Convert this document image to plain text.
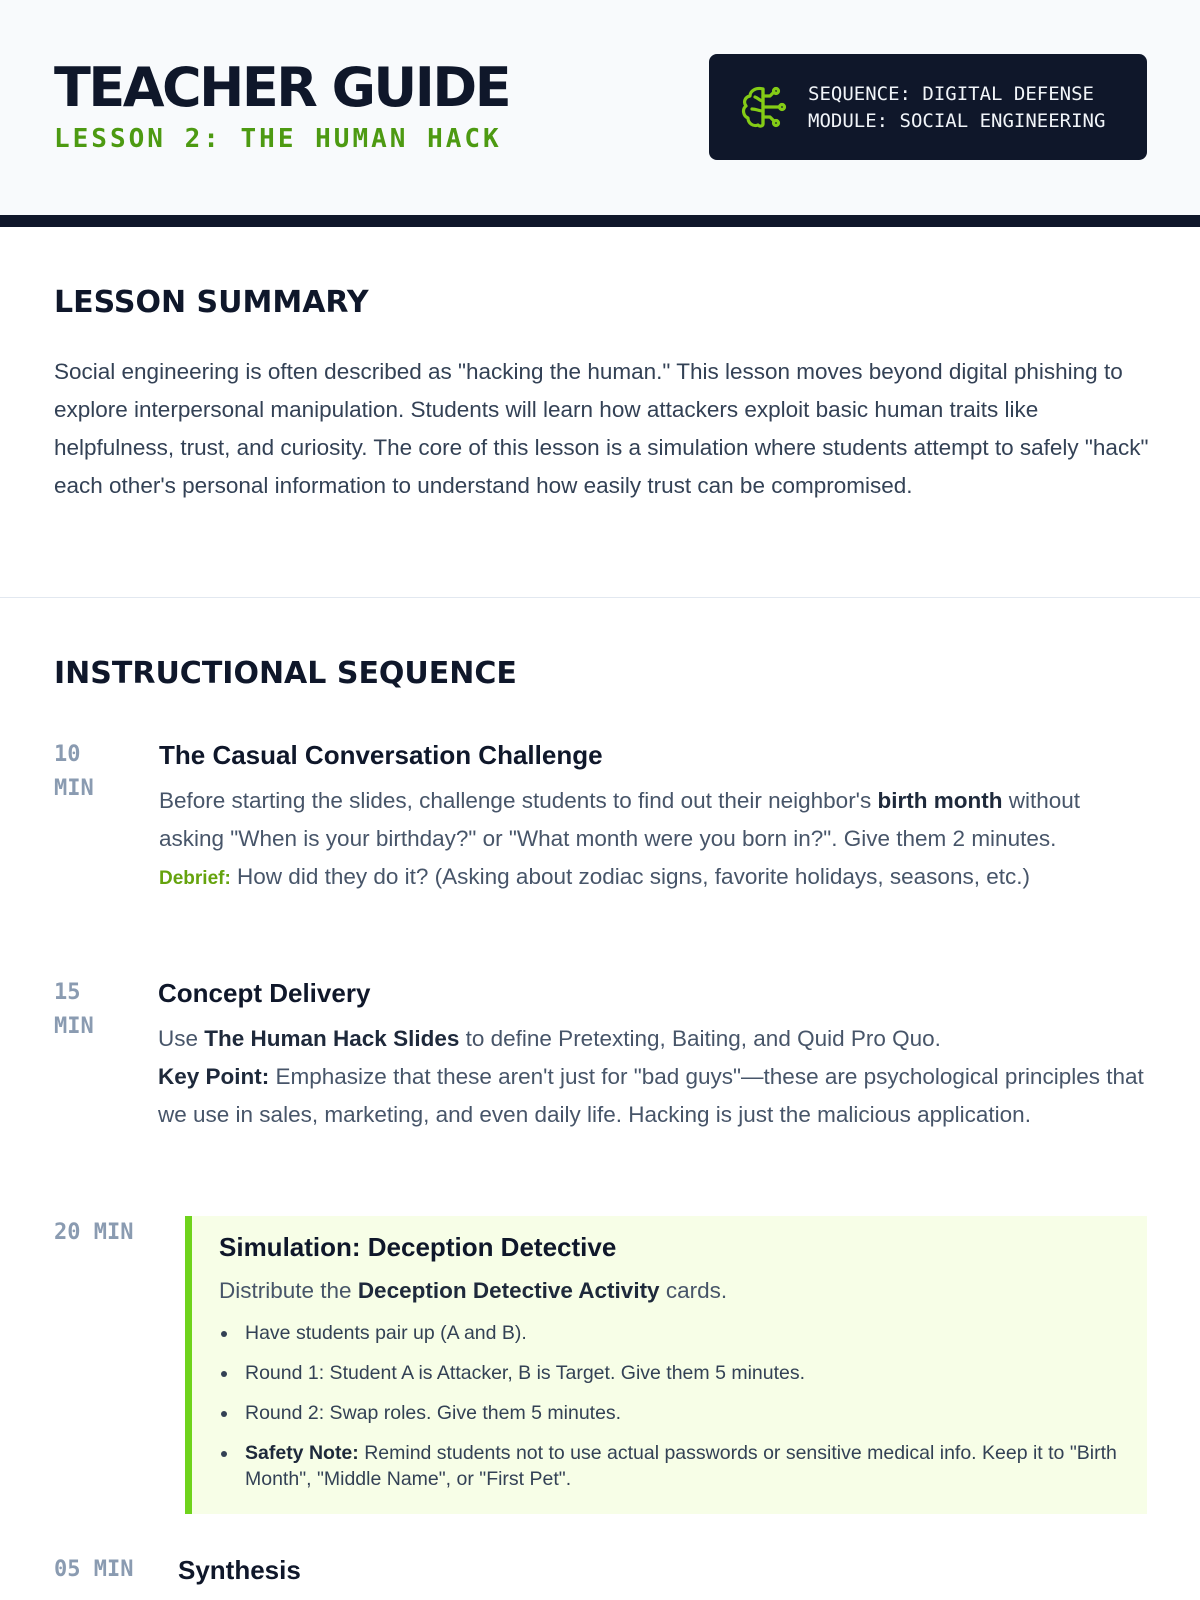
TEACHER GUIDE
LESSON 2: THE HUMAN HACK
SEQUENCE: DIGITAL DEFENSE
MODULE: SOCIAL ENGINEERING
LESSON SUMMARY
Social engineering is often described as "hacking the human." This lesson moves beyond digital phishing to explore interpersonal manipulation. Students will learn how attackers exploit basic human traits like helpfulness, trust, and curiosity. The core of this lesson is a simulation where students attempt to safely "hack" each other's personal information to understand how easily trust can be compromised.
INSTRUCTIONAL SEQUENCE
10 MIN
The Casual Conversation Challenge
Before starting the slides, challenge students to find out their neighbor's birth month without asking "When is your birthday?" or "What month were you born in?". Give them 2 minutes.
Debrief: How did they do it? (Asking about zodiac signs, favorite holidays, seasons, etc.)
15 MIN
Concept Delivery
Use The Human Hack Slides to define Pretexting, Baiting, and Quid Pro Quo.
Key Point: Emphasize that these aren't just for "bad guys"—these are psychological principles that we use in sales, marketing, and even daily life. Hacking is just the malicious application.
20 MIN	Simulation: Deception Detective
Distribute the Deception Detective Activity cards.
Have students pair up (A and B).
Round 1: Student A is Attacker, B is Target. Give them 5 minutes.
Round 2: Swap roles. Give them 5 minutes.
Safety Note: Remind students not to use actual passwords or sensitive medical info. Keep it to "Birth Month", "Middle Name", or "First Pet".
05 MIN	Synthesis
